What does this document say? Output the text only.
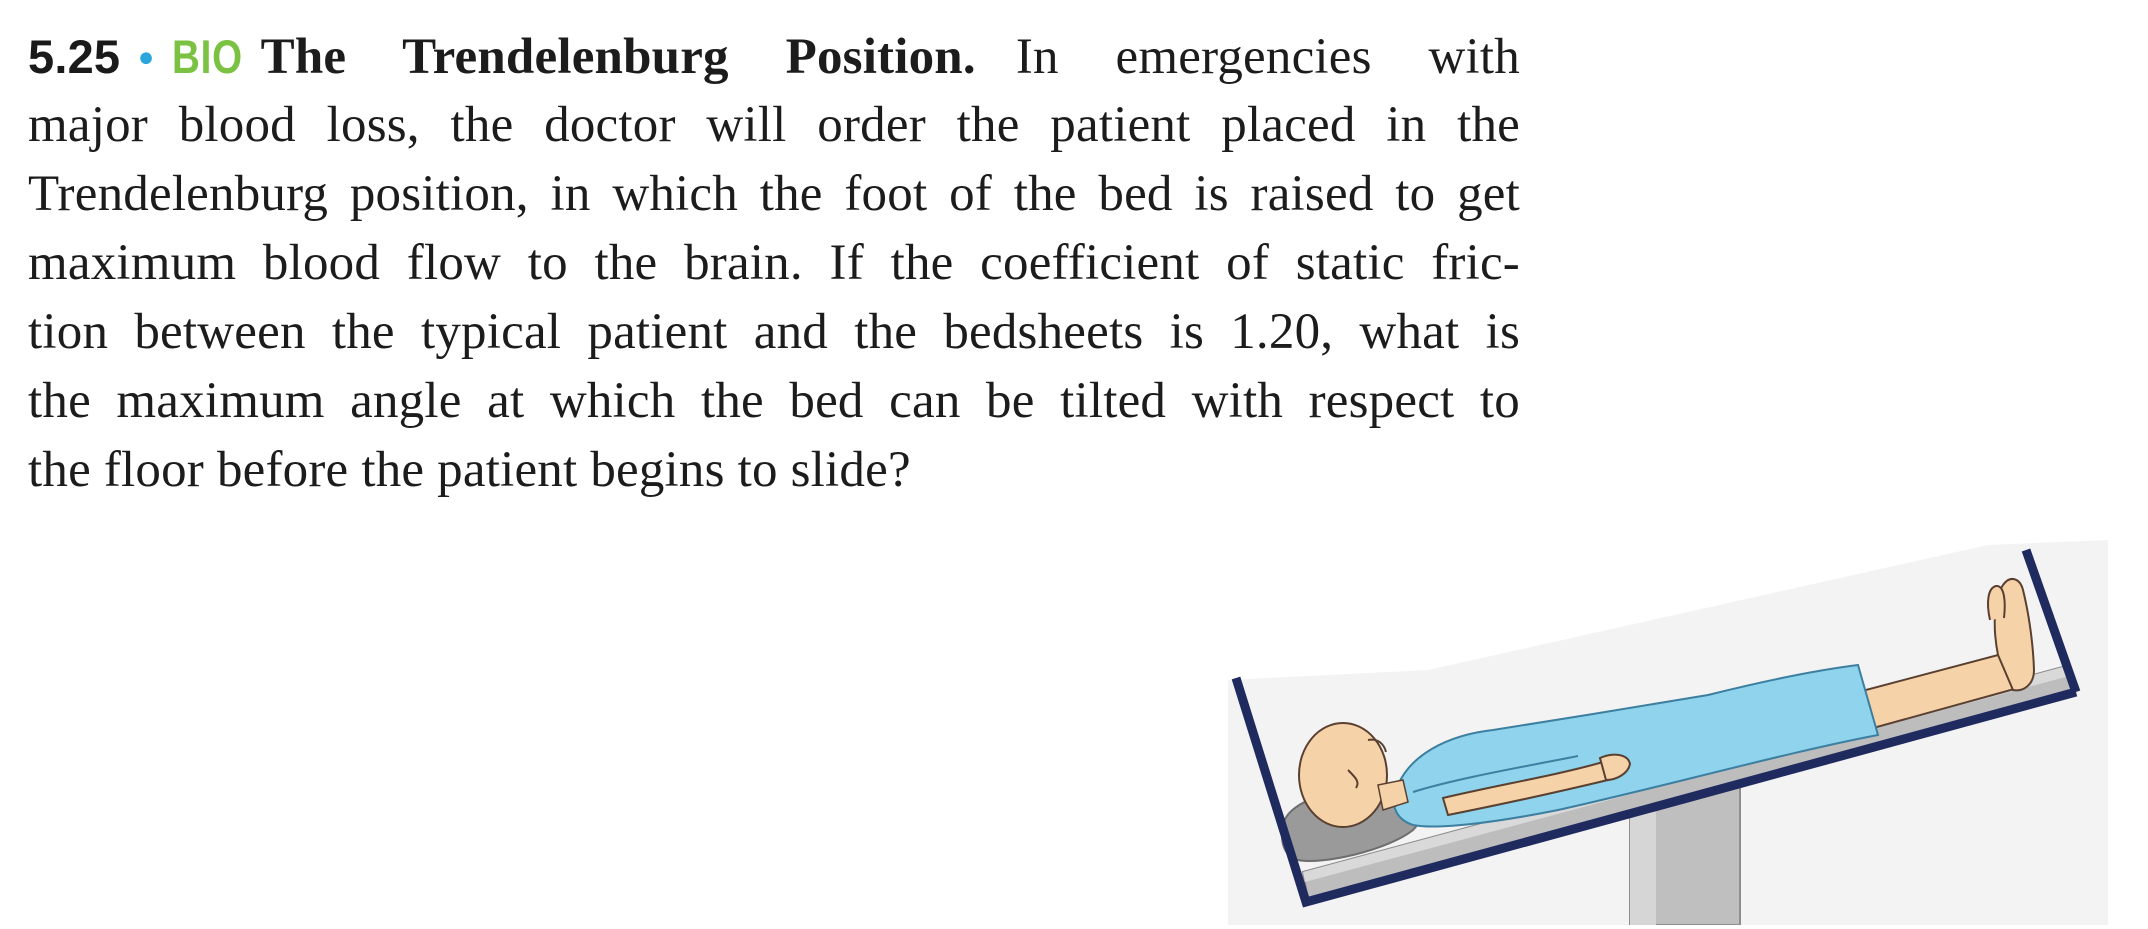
5.25 • BIO The Trendelenburg Position. In emergencies with
major blood loss, the doctor will order the patient placed in the
Trendelenburg position, in which the foot of the bed is raised to get
maximum blood flow to the brain. If the coefficient of static fric-
tion between the typical patient and the bedsheets is 1.20, what is
the maximum angle at which the bed can be tilted with respect to
the floor before the patient begins to slide?
